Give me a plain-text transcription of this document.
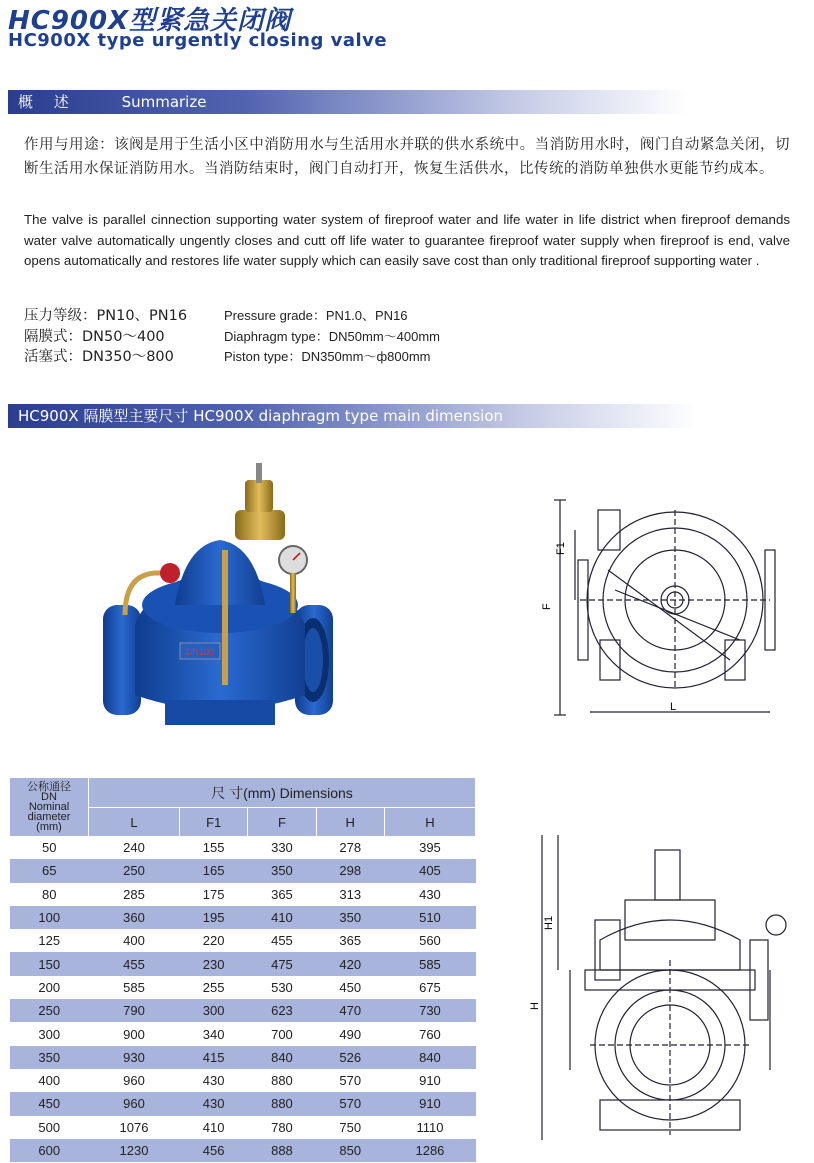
HC900X型紧急关闭阀
HC900X type urgently closing valve
概 述	Summarize
作用与用途：该阀是用于生活小区中消防用水与生活用水并联的供水系统中。当消防用水时，阀门自动紧急关闭，切断生活用水保证消防用水。当消防结束时，阀门自动打开，恢复生活供水，比传统的消防单独供水更能节约成本。
The valve is parallel cinnection supporting water system of fireproof water and life water in life district when fireproof demands water valve automatically ungently closes and cutt off life water to guarantee fireproof water supply when fireproof is end, valve opens automatically and restores life water supply which can easily save cost than only traditional fireproof supporting water .
压力等级：PN10、PN16
隔膜式：DN50～400
活塞式：DN350～800
Pressure grade：PN1.0、PN16
Diaphragm type：DN50mm～400mm
Piston type：DN350mm～ф800mm
HC900X 隔膜型主要尺寸 HC900X diaphragm type main dimension
DN100
F1
F
L
H1
H
公称通径
DN
Nominal
diameter
(mm)	尺 寸(mm) Dimensions				
	L	F1	F	H	H
50	240	155	330	278	395
65	250	165	350	298	405
80	285	175	365	313	430
100	360	195	410	350	510
125	400	220	455	365	560
150	455	230	475	420	585
200	585	255	530	450	675
250	790	300	623	470	730
300	900	340	700	490	760
350	930	415	840	526	840
400	960	430	880	570	910
450	960	430	880	570	910
500	1076	410	780	750	1110
600	1230	456	888	850	1286
